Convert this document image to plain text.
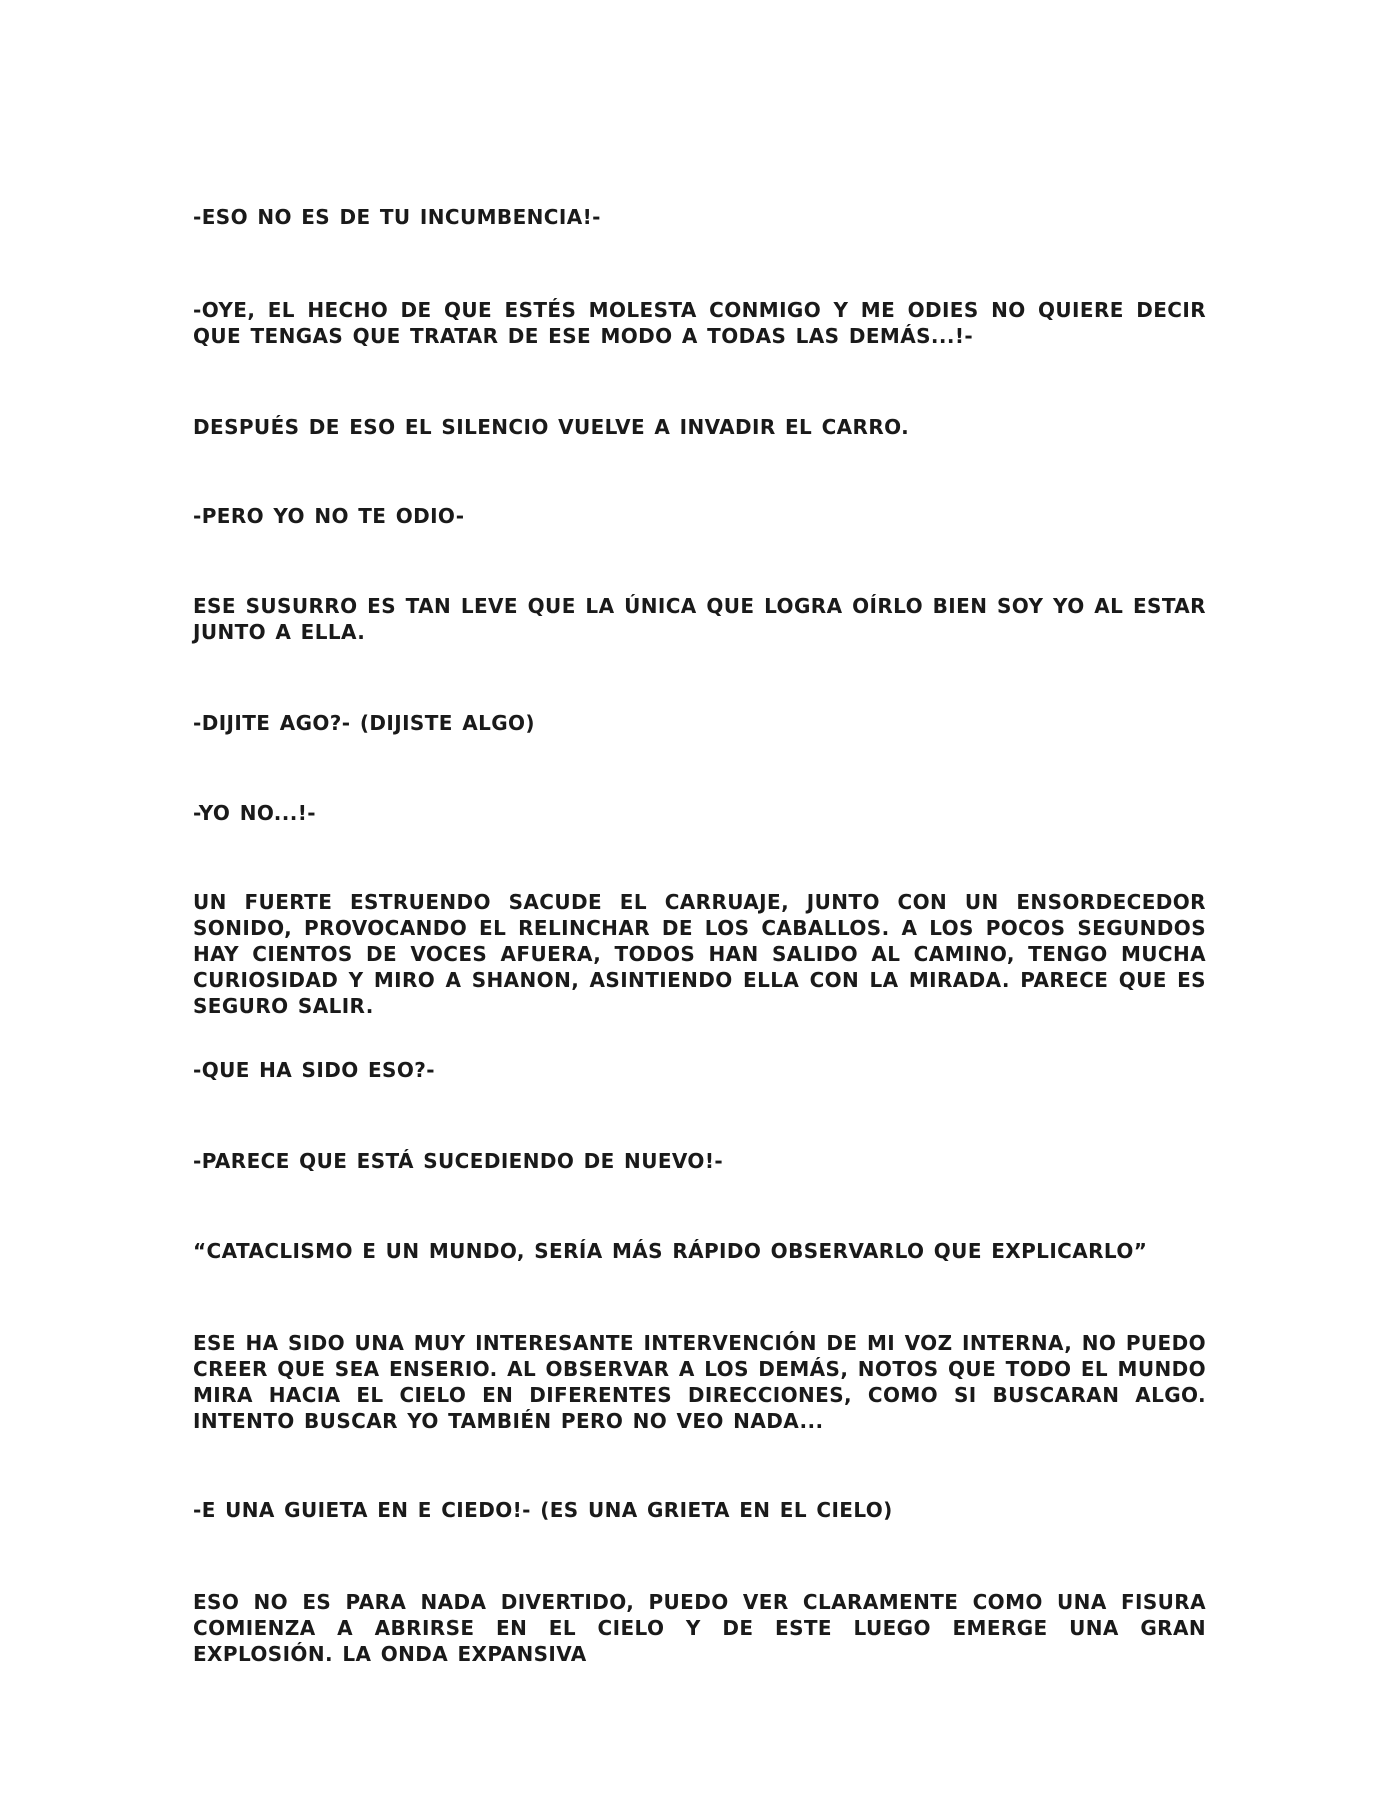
-ESO NO ES DE TU INCUMBENCIA!-

-OYE, EL HECHO DE QUE ESTÉS MOLESTA CONMIGO Y ME ODIES NO QUIERE DECIR QUE TENGAS QUE TRATAR DE ESE MODO A TODAS LAS DEMÁS...!-

DESPUÉS DE ESO EL SILENCIO VUELVE A INVADIR EL CARRO.

-PERO YO NO TE ODIO-

ESE SUSURRO ES TAN LEVE QUE LA ÚNICA QUE LOGRA OÍRLO BIEN SOY YO AL ESTAR JUNTO A ELLA.

-DIJITE AGO?- (DIJISTE ALGO)

-YO NO...!-

UN FUERTE ESTRUENDO SACUDE EL CARRUAJE, JUNTO CON UN ENSORDECEDOR SONIDO, PROVOCANDO EL RELINCHAR DE LOS CABALLOS. A LOS POCOS SEGUNDOS HAY CIENTOS DE VOCES AFUERA, TODOS HAN SALIDO AL CAMINO, TENGO MUCHA CURIOSIDAD Y MIRO A SHANON, ASINTIENDO ELLA CON LA MIRADA. PARECE QUE ES SEGURO SALIR.

-QUE HA SIDO ESO?-

-PARECE QUE ESTÁ SUCEDIENDO DE NUEVO!-

“CATACLISMO E UN MUNDO, SERÍA MÁS RÁPIDO OBSERVARLO QUE EXPLICARLO”

ESE HA SIDO UNA MUY INTERESANTE INTERVENCIÓN DE MI VOZ INTERNA, NO PUEDO CREER QUE SEA ENSERIO. AL OBSERVAR A LOS DEMÁS, NOTOS QUE TODO EL MUNDO MIRA HACIA EL CIELO EN DIFERENTES DIRECCIONES, COMO SI BUSCARAN ALGO. INTENTO BUSCAR YO TAMBIÉN PERO NO VEO NADA...

-E UNA GUIETA EN E CIEDO!- (ES UNA GRIETA EN EL CIELO)

ESO NO ES PARA NADA DIVERTIDO, PUEDO VER CLARAMENTE COMO UNA FISURA COMIENZA A ABRIRSE EN EL CIELO Y DE ESTE LUEGO EMERGE UNA GRAN EXPLOSIÓN. LA ONDA EXPANSIVA
